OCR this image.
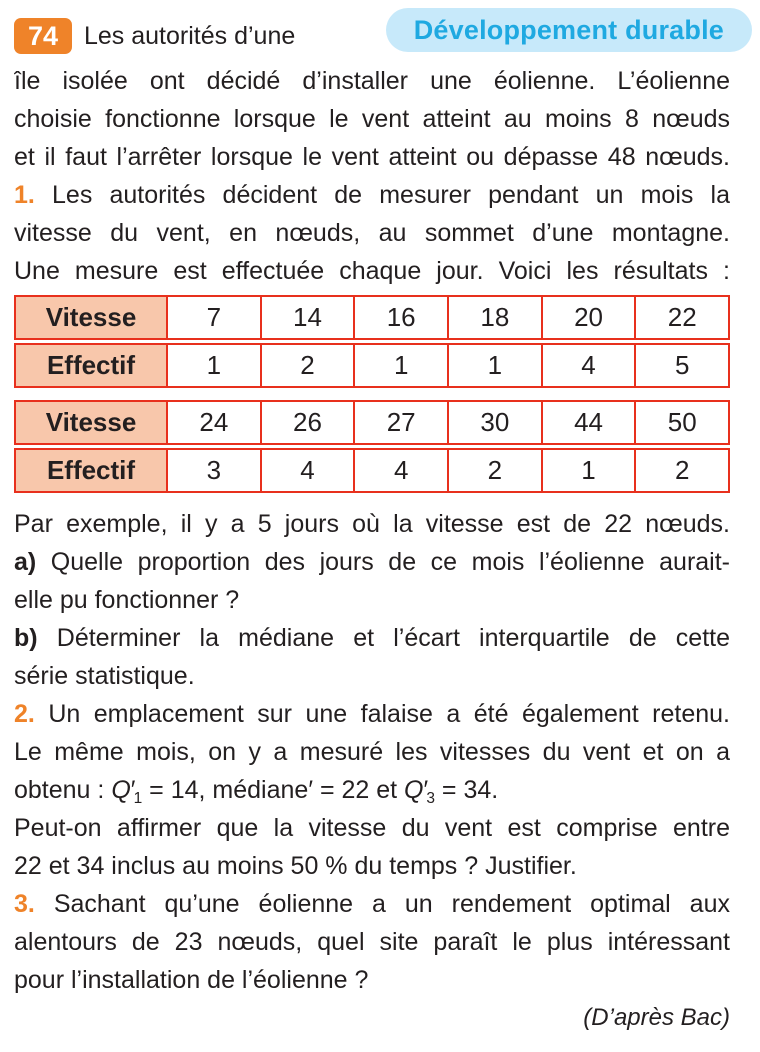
74	Les autorités d’une	Développement durable
île isolée ont décidé d’installer une éolienne. L’éolienne
choisie fonctionne lorsque le vent atteint au moins 8 nœuds
et il faut l’arrêter lorsque le vent atteint ou dépasse 48 nœuds.
1. Les autorités décident de mesurer pendant un mois la
vitesse du vent, en nœuds, au sommet d’une montagne.
Une mesure est effectuée chaque jour. Voici les résultats :
Vitesse	7	14	16	18	20	22
Effectif	1	2	1	1	4	5
Vitesse	24	26	27	30	44	50
Effectif	3	4	4	2	1	2
Par exemple, il y a 5 jours où la vitesse est de 22 nœuds.
a) Quelle proportion des jours de ce mois l’éolienne aurait-
elle pu fonctionner ?
b) Déterminer la médiane et l’écart interquartile de cette
série statistique.
2. Un emplacement sur une falaise a été également retenu.
Le même mois, on y a mesuré les vitesses du vent et on a
obtenu : Q′1 = 14, médiane′ = 22 et Q′3 = 34.
Peut-on affirmer que la vitesse du vent est comprise entre
22 et 34 inclus au moins 50 % du temps ? Justifier.
3. Sachant qu’une éolienne a un rendement optimal aux
alentours de 23 nœuds, quel site paraît le plus intéressant
pour l’installation de l’éolienne ?
(D’après Bac)
